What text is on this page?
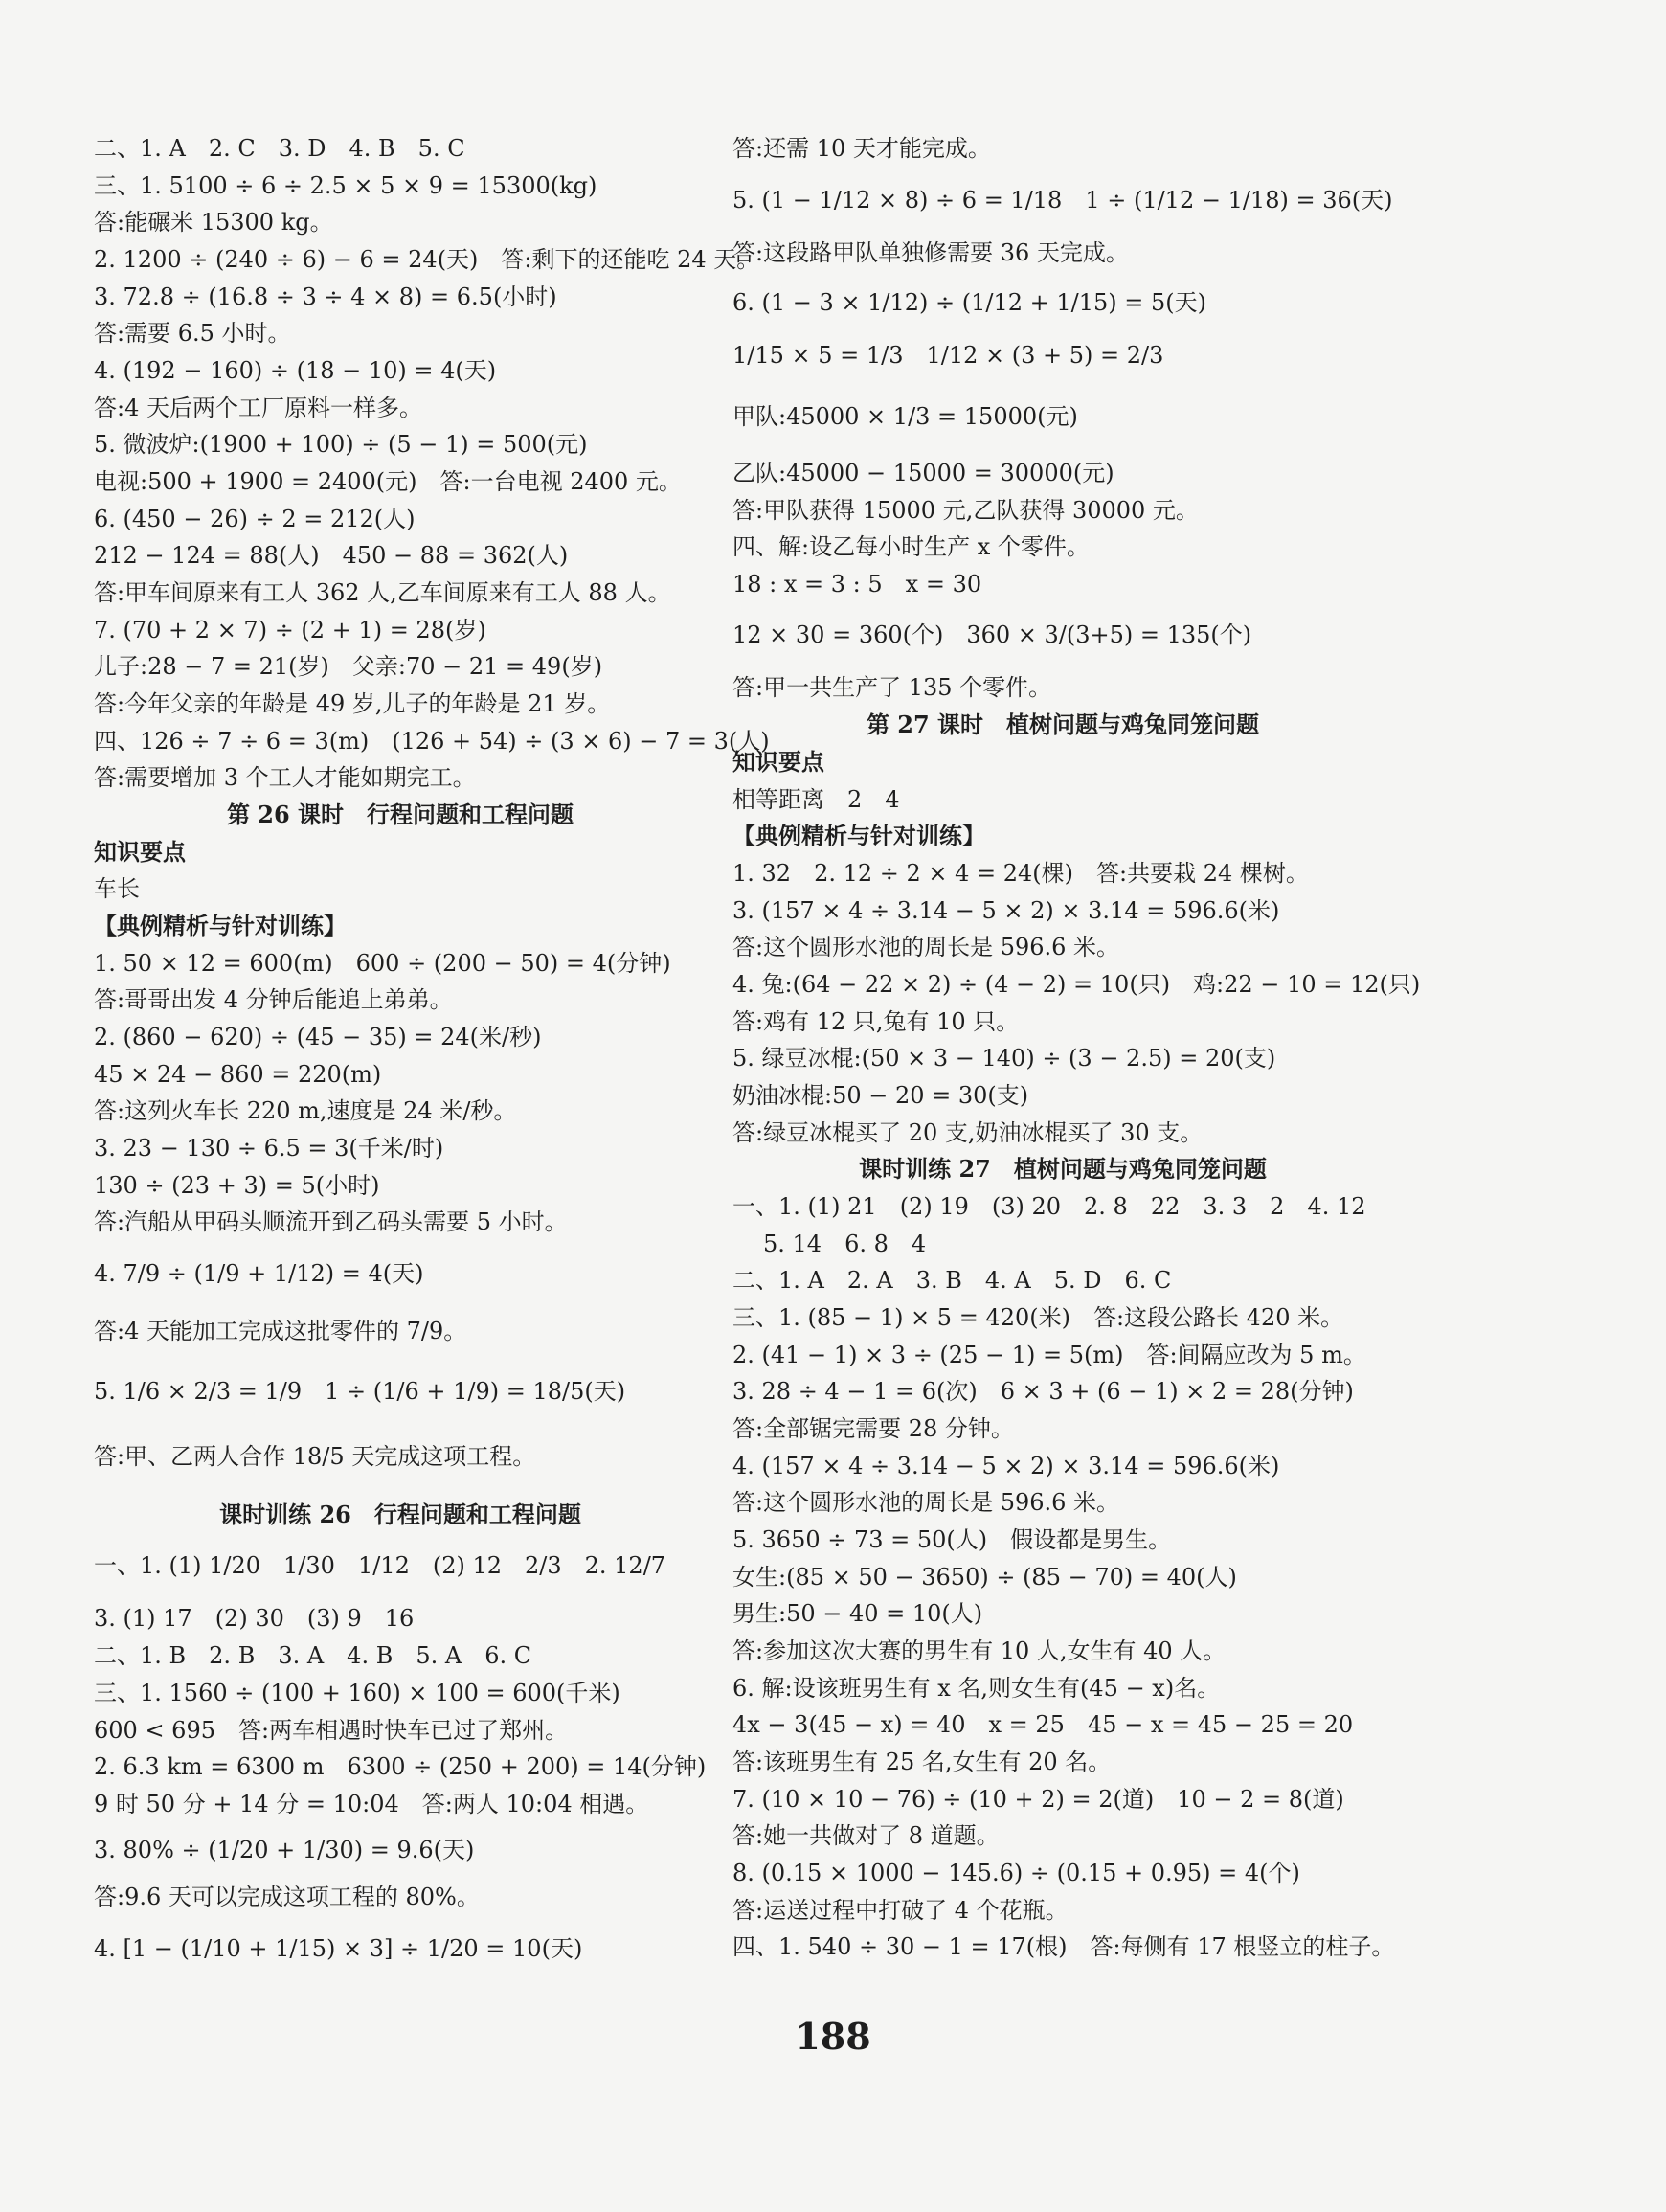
二、1. A　2. C　3. D　4. B　5. C
三、1. 5100 ÷ 6 ÷ 2.5 × 5 × 9 = 15300(kg)
答:能碾米 15300 kg。
2. 1200 ÷ (240 ÷ 6) − 6 = 24(天)　答:剩下的还能吃 24 天。
3. 72.8 ÷ (16.8 ÷ 3 ÷ 4 × 8) = 6.5(小时)
答:需要 6.5 小时。
4. (192 − 160) ÷ (18 − 10) = 4(天)
答:4 天后两个工厂原料一样多。
5. 微波炉:(1900 + 100) ÷ (5 − 1) = 500(元)
电视:500 + 1900 = 2400(元)　答:一台电视 2400 元。
6. (450 − 26) ÷ 2 = 212(人)
212 − 124 = 88(人)　450 − 88 = 362(人)
答:甲车间原来有工人 362 人,乙车间原来有工人 88 人。
7. (70 + 2 × 7) ÷ (2 + 1) = 28(岁)
儿子:28 − 7 = 21(岁)　父亲:70 − 21 = 49(岁)
答:今年父亲的年龄是 49 岁,儿子的年龄是 21 岁。
四、126 ÷ 7 ÷ 6 = 3(m)　(126 + 54) ÷ (3 × 6) − 7 = 3(人)
答:需要增加 3 个工人才能如期完工。
第 26 课时　行程问题和工程问题
知识要点
车长
【典例精析与针对训练】
1. 50 × 12 = 600(m)　600 ÷ (200 − 50) = 4(分钟)
答:哥哥出发 4 分钟后能追上弟弟。
2. (860 − 620) ÷ (45 − 35) = 24(米/秒)
45 × 24 − 860 = 220(m)
答:这列火车长 220 m,速度是 24 米/秒。
3. 23 − 130 ÷ 6.5 = 3(千米/时)
130 ÷ (23 + 3) = 5(小时)
答:汽船从甲码头顺流开到乙码头需要 5 小时。
4. 7/9 ÷ (1/9 + 1/12) = 4(天)
答:4 天能加工完成这批零件的 7/9。
5. 1/6 × 2/3 = 1/9　1 ÷ (1/6 + 1/9) = 18/5(天)
答:甲、乙两人合作 18/5 天完成这项工程。
课时训练 26　行程问题和工程问题
一、1. (1) 1/20　1/30　1/12　(2) 12　2/3　2. 12/7
3. (1) 17　(2) 30　(3) 9　16
二、1. B　2. B　3. A　4. B　5. A　6. C
三、1. 1560 ÷ (100 + 160) × 100 = 600(千米)
600 < 695　答:两车相遇时快车已过了郑州。
2. 6.3 km = 6300 m　6300 ÷ (250 + 200) = 14(分钟)
9 时 50 分 + 14 分 = 10:04　答:两人 10:04 相遇。
3. 80% ÷ (1/20 + 1/30) = 9.6(天)
答:9.6 天可以完成这项工程的 80%。
4. [1 − (1/10 + 1/15) × 3] ÷ 1/20 = 10(天)
答:还需 10 天才能完成。
5. (1 − 1/12 × 8) ÷ 6 = 1/18　1 ÷ (1/12 − 1/18) = 36(天)
答:这段路甲队单独修需要 36 天完成。
6. (1 − 3 × 1/12) ÷ (1/12 + 1/15) = 5(天)
1/15 × 5 = 1/3　1/12 × (3 + 5) = 2/3
甲队:45000 × 1/3 = 15000(元)
乙队:45000 − 15000 = 30000(元)
答:甲队获得 15000 元,乙队获得 30000 元。
四、解:设乙每小时生产 x 个零件。
18 : x = 3 : 5　x = 30
12 × 30 = 360(个)　360 × 3/(3+5) = 135(个)
答:甲一共生产了 135 个零件。
第 27 课时　植树问题与鸡兔同笼问题
知识要点
相等距离　2　4
【典例精析与针对训练】
1. 32　2. 12 ÷ 2 × 4 = 24(棵)　答:共要栽 24 棵树。
3. (157 × 4 ÷ 3.14 − 5 × 2) × 3.14 = 596.6(米)
答:这个圆形水池的周长是 596.6 米。
4. 兔:(64 − 22 × 2) ÷ (4 − 2) = 10(只)　鸡:22 − 10 = 12(只)
答:鸡有 12 只,兔有 10 只。
5. 绿豆冰棍:(50 × 3 − 140) ÷ (3 − 2.5) = 20(支)
奶油冰棍:50 − 20 = 30(支)
答:绿豆冰棍买了 20 支,奶油冰棍买了 30 支。
课时训练 27　植树问题与鸡兔同笼问题
一、1. (1) 21　(2) 19　(3) 20　2. 8　22　3. 3　2　4. 12
5. 14　6. 8　4
二、1. A　2. A　3. B　4. A　5. D　6. C
三、1. (85 − 1) × 5 = 420(米)　答:这段公路长 420 米。
2. (41 − 1) × 3 ÷ (25 − 1) = 5(m)　答:间隔应改为 5 m。
3. 28 ÷ 4 − 1 = 6(次)　6 × 3 + (6 − 1) × 2 = 28(分钟)
答:全部锯完需要 28 分钟。
4. (157 × 4 ÷ 3.14 − 5 × 2) × 3.14 = 596.6(米)
答:这个圆形水池的周长是 596.6 米。
5. 3650 ÷ 73 = 50(人)　假设都是男生。
女生:(85 × 50 − 3650) ÷ (85 − 70) = 40(人)
男生:50 − 40 = 10(人)
答:参加这次大赛的男生有 10 人,女生有 40 人。
6. 解:设该班男生有 x 名,则女生有(45 − x)名。
4x − 3(45 − x) = 40　x = 25　45 − x = 45 − 25 = 20
答:该班男生有 25 名,女生有 20 名。
7. (10 × 10 − 76) ÷ (10 + 2) = 2(道)　10 − 2 = 8(道)
答:她一共做对了 8 道题。
8. (0.15 × 1000 − 145.6) ÷ (0.15 + 0.95) = 4(个)
答:运送过程中打破了 4 个花瓶。
四、1. 540 ÷ 30 − 1 = 17(根)　答:每侧有 17 根竖立的柱子。
188
